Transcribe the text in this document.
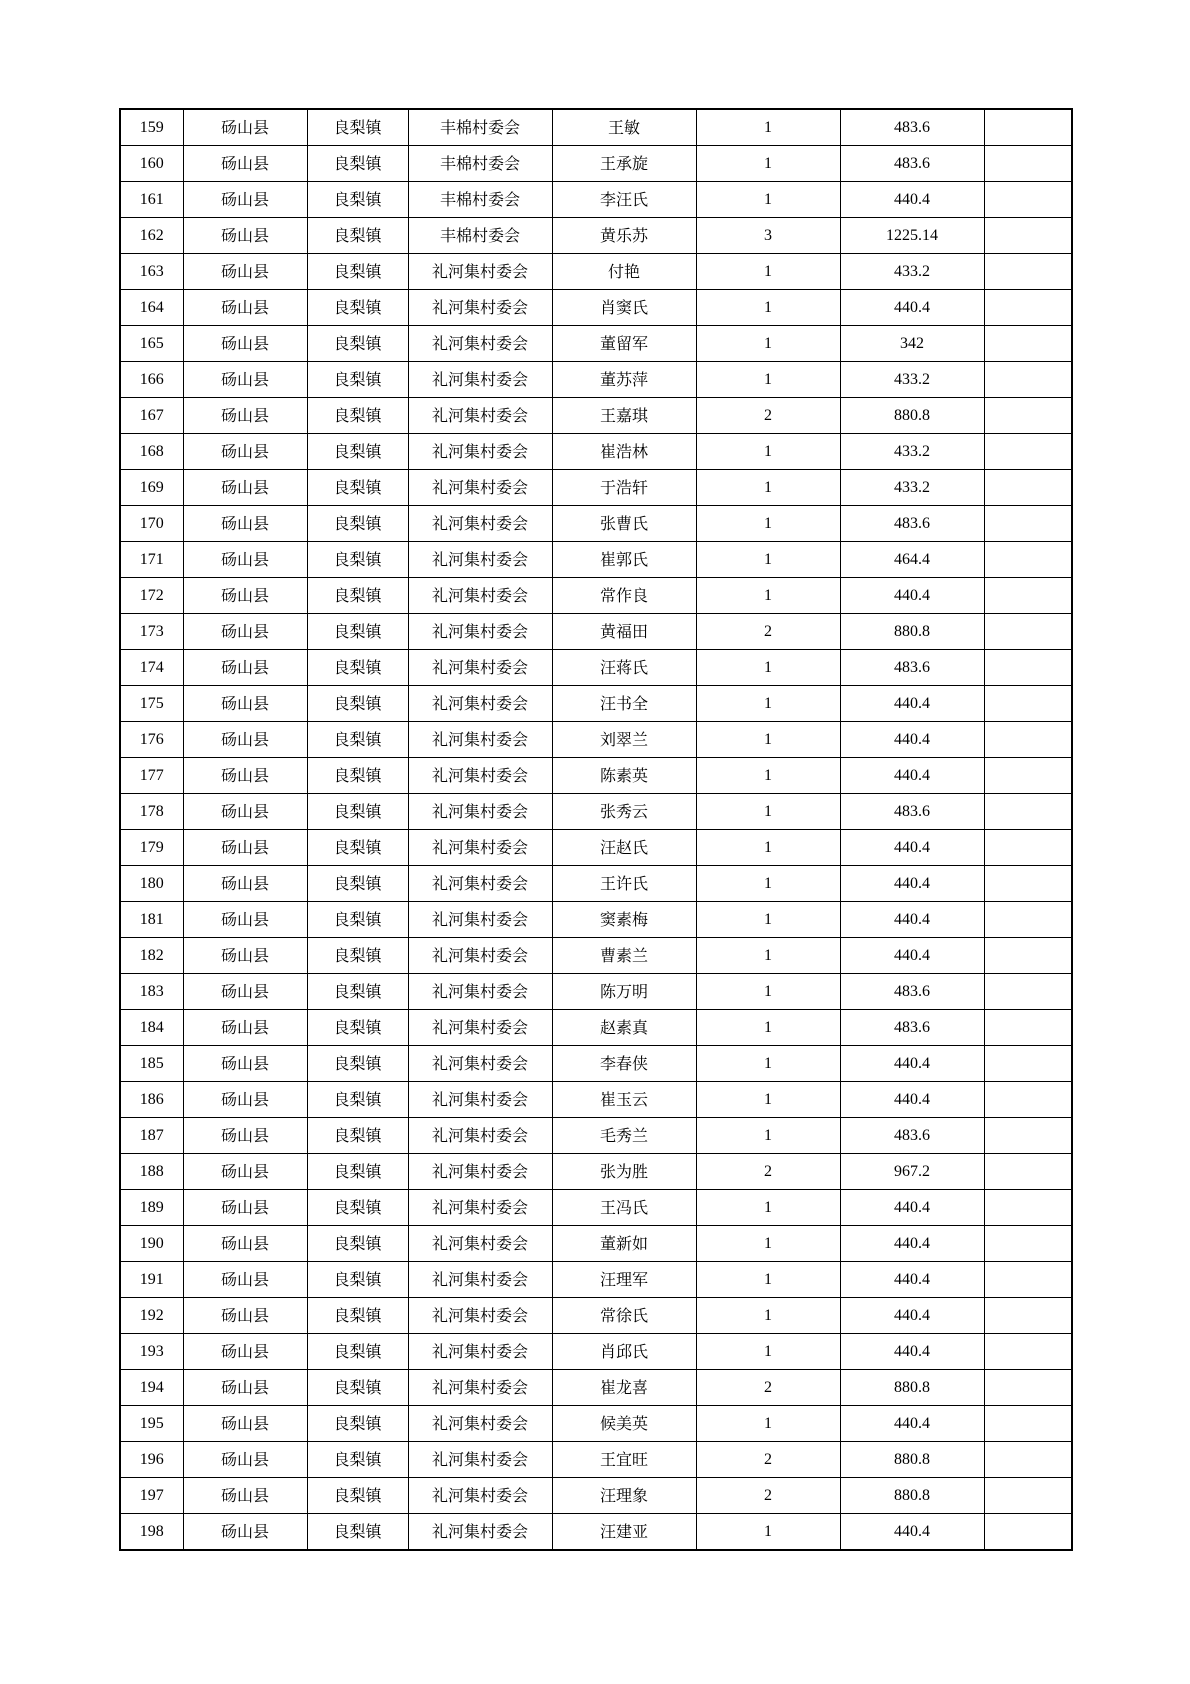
159	砀山县	良梨镇	丰棉村委会	王敏	1	483.6	
160	砀山县	良梨镇	丰棉村委会	王承旋	1	483.6	
161	砀山县	良梨镇	丰棉村委会	李汪氏	1	440.4	
162	砀山县	良梨镇	丰棉村委会	黄乐苏	3	1225.14	
163	砀山县	良梨镇	礼河集村委会	付艳	1	433.2	
164	砀山县	良梨镇	礼河集村委会	肖窦氏	1	440.4	
165	砀山县	良梨镇	礼河集村委会	董留军	1	342	
166	砀山县	良梨镇	礼河集村委会	董苏萍	1	433.2	
167	砀山县	良梨镇	礼河集村委会	王嘉琪	2	880.8	
168	砀山县	良梨镇	礼河集村委会	崔浩林	1	433.2	
169	砀山县	良梨镇	礼河集村委会	于浩轩	1	433.2	
170	砀山县	良梨镇	礼河集村委会	张曹氏	1	483.6	
171	砀山县	良梨镇	礼河集村委会	崔郭氏	1	464.4	
172	砀山县	良梨镇	礼河集村委会	常作良	1	440.4	
173	砀山县	良梨镇	礼河集村委会	黄福田	2	880.8	
174	砀山县	良梨镇	礼河集村委会	汪蒋氏	1	483.6	
175	砀山县	良梨镇	礼河集村委会	汪书全	1	440.4	
176	砀山县	良梨镇	礼河集村委会	刘翠兰	1	440.4	
177	砀山县	良梨镇	礼河集村委会	陈素英	1	440.4	
178	砀山县	良梨镇	礼河集村委会	张秀云	1	483.6	
179	砀山县	良梨镇	礼河集村委会	汪赵氏	1	440.4	
180	砀山县	良梨镇	礼河集村委会	王许氏	1	440.4	
181	砀山县	良梨镇	礼河集村委会	窦素梅	1	440.4	
182	砀山县	良梨镇	礼河集村委会	曹素兰	1	440.4	
183	砀山县	良梨镇	礼河集村委会	陈万明	1	483.6	
184	砀山县	良梨镇	礼河集村委会	赵素真	1	483.6	
185	砀山县	良梨镇	礼河集村委会	李春侠	1	440.4	
186	砀山县	良梨镇	礼河集村委会	崔玉云	1	440.4	
187	砀山县	良梨镇	礼河集村委会	毛秀兰	1	483.6	
188	砀山县	良梨镇	礼河集村委会	张为胜	2	967.2	
189	砀山县	良梨镇	礼河集村委会	王冯氏	1	440.4	
190	砀山县	良梨镇	礼河集村委会	董新如	1	440.4	
191	砀山县	良梨镇	礼河集村委会	汪理军	1	440.4	
192	砀山县	良梨镇	礼河集村委会	常徐氏	1	440.4	
193	砀山县	良梨镇	礼河集村委会	肖邱氏	1	440.4	
194	砀山县	良梨镇	礼河集村委会	崔龙喜	2	880.8	
195	砀山县	良梨镇	礼河集村委会	候美英	1	440.4	
196	砀山县	良梨镇	礼河集村委会	王宜旺	2	880.8	
197	砀山县	良梨镇	礼河集村委会	汪理象	2	880.8	
198	砀山县	良梨镇	礼河集村委会	汪建亚	1	440.4	
